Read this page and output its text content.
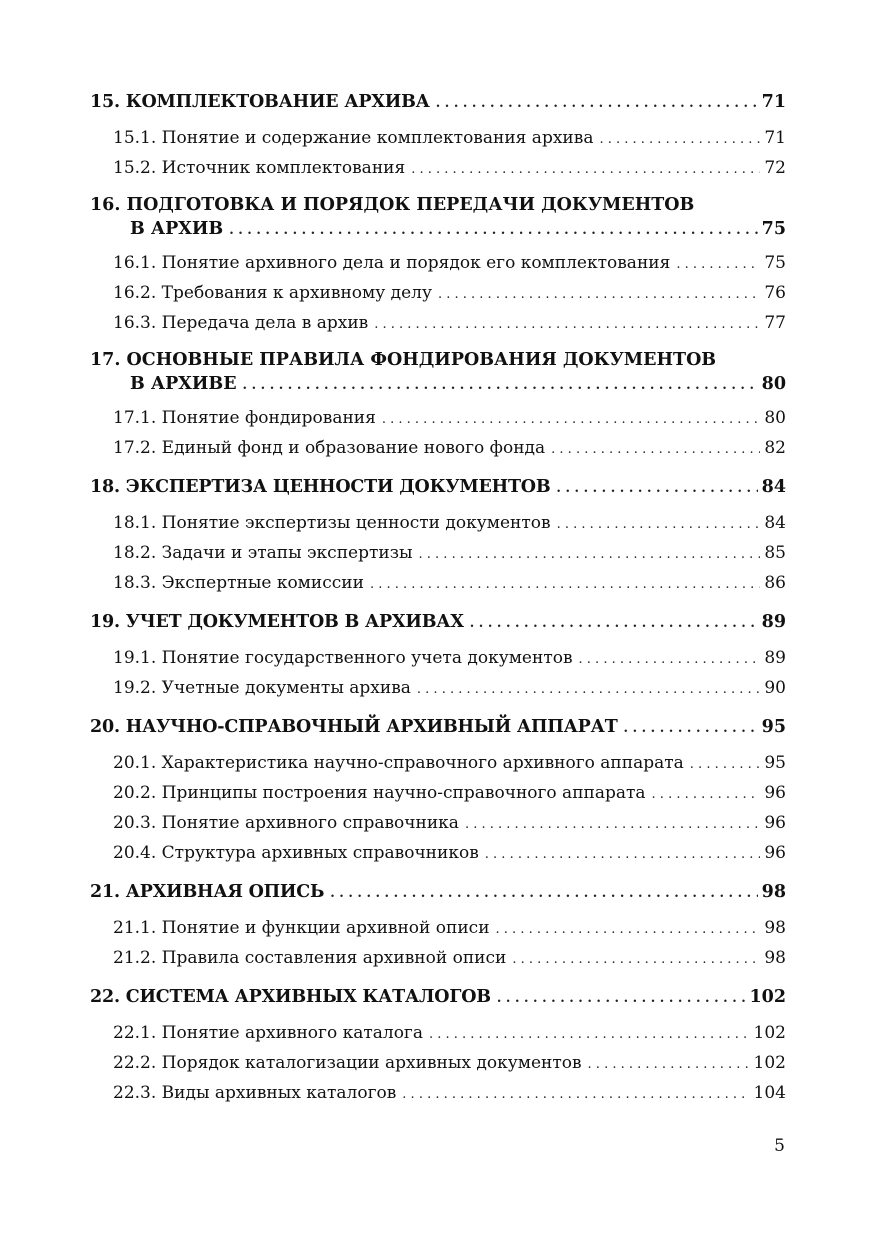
15. КОМПЛЕКТОВАНИЕ АРХИВА . . .	71
15.1. Понятие и содержание комплектования архива . . .	71
15.2. Источник комплектования . . .	72
16. ПОДГОТОВКА И ПОРЯДОК ПЕРЕДАЧИ ДОКУМЕНТОВ
В АРХИВ . . .	75
16.1. Понятие архивного дела и порядок его комплектования . . .	75
16.2. Требования к архивному делу . . .	76
16.3. Передача дела в архив . . .	77
17. ОСНОВНЫЕ ПРАВИЛА ФОНДИРОВАНИЯ ДОКУМЕНТОВ
В АРХИВЕ . . .	80
17.1. Понятие фондирования . . .	80
17.2. Единый фонд и образование нового фонда . . .	82
18. ЭКСПЕРТИЗА ЦЕННОСТИ ДОКУМЕНТОВ . . .	84
18.1. Понятие экспертизы ценности документов . . .	84
18.2. Задачи и этапы экспертизы . . .	85
18.3. Экспертные комиссии . . .	86
19. УЧЕТ ДОКУМЕНТОВ В АРХИВАХ . . .	89
19.1. Понятие государственного учета документов . . .	89
19.2. Учетные документы архива . . .	90
20. НАУЧНО-СПРАВОЧНЫЙ АРХИВНЫЙ АППАРАТ . . .	95
20.1. Характеристика научно-справочного архивного аппарата . . .	95
20.2. Принципы построения научно-справочного аппарата . . .	96
20.3. Понятие архивного справочника . . .	96
20.4. Структура архивных справочников . . .	96
21. АРХИВНАЯ ОПИСЬ . . .	98
21.1. Понятие и функции архивной описи . . .	98
21.2. Правила составления архивной описи . . .	98
22. СИСТЕМА АРХИВНЫХ КАТАЛОГОВ . . .	102
22.1. Понятие архивного каталога . . .	102
22.2. Порядок каталогизации архивных документов . . .	102
22.3. Виды архивных каталогов . . .	104
5
